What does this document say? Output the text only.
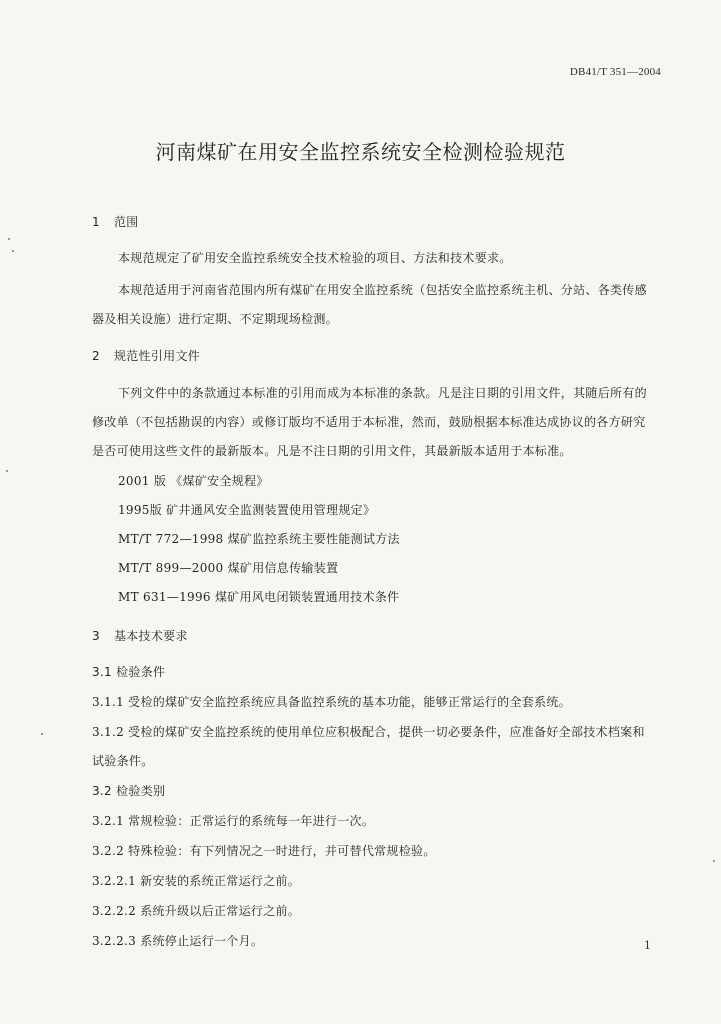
DB41/T 351—2004
河南煤矿在用安全监控系统安全检测检验规范
1 范围
本规范规定了矿用安全监控系统安全技术检验的项目、方法和技术要求。
本规范适用于河南省范围内所有煤矿在用安全监控系统（包括安全监控系统主机、分站、各类传感
器及相关设施）进行定期、不定期现场检测。
2 规范性引用文件
下列文件中的条款通过本标准的引用而成为本标准的条款。凡是注日期的引用文件，其随后所有的
修改单（不包括勘误的内容）或修订版均不适用于本标准，然而，鼓励根据本标准达成协议的各方研究
是否可使用这些文件的最新版本。凡是不注日期的引用文件，其最新版本适用于本标准。
2001 版 《煤矿安全规程》
1995版 矿井通风安全监测装置使用管理规定》
MT/T 772—1998 煤矿监控系统主要性能测试方法
MT/T 899—2000 煤矿用信息传输装置
MT 631—1996 煤矿用风电闭锁装置通用技术条件
3 基本技术要求
3.1 检验条件
3.1.1 受检的煤矿安全监控系统应具备监控系统的基本功能，能够正常运行的全套系统。
3.1.2 受检的煤矿安全监控系统的使用单位应积极配合，提供一切必要条件，应准备好全部技术档案和
试验条件。
3.2 检验类别
3.2.1 常规检验：正常运行的系统每一年进行一次。
3.2.2 特殊检验：有下列情况之一时进行，并可替代常规检验。
3.2.2.1 新安装的系统正常运行之前。
3.2.2.2 系统升级以后正常运行之前。
3.2.2.3 系统停止运行一个月。	1
